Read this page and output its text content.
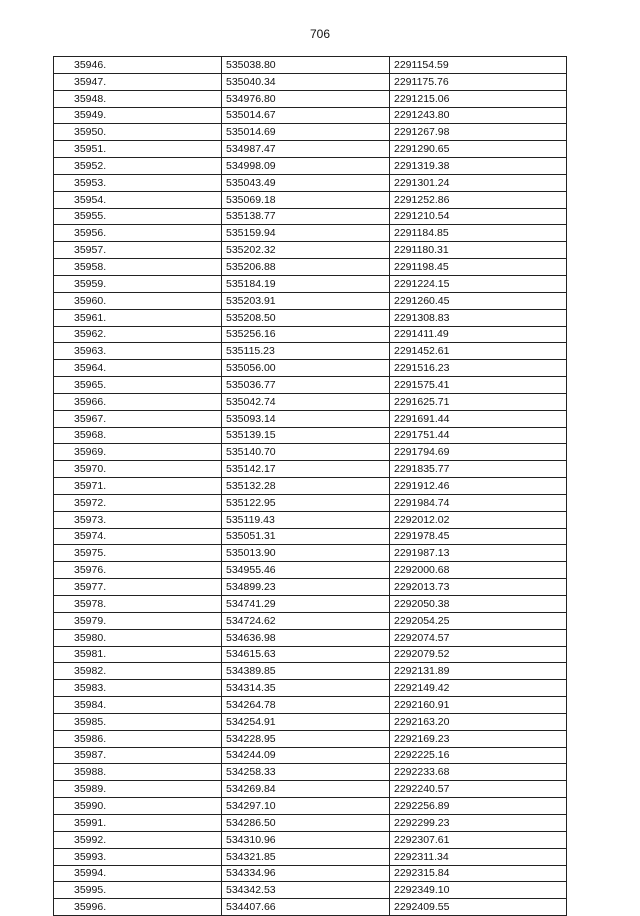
706
35946.	535038.80	2291154.59
35947.	535040.34	2291175.76
35948.	534976.80	2291215.06
35949.	535014.67	2291243.80
35950.	535014.69	2291267.98
35951.	534987.47	2291290.65
35952.	534998.09	2291319.38
35953.	535043.49	2291301.24
35954.	535069.18	2291252.86
35955.	535138.77	2291210.54
35956.	535159.94	2291184.85
35957.	535202.32	2291180.31
35958.	535206.88	2291198.45
35959.	535184.19	2291224.15
35960.	535203.91	2291260.45
35961.	535208.50	2291308.83
35962.	535256.16	2291411.49
35963.	535115.23	2291452.61
35964.	535056.00	2291516.23
35965.	535036.77	2291575.41
35966.	535042.74	2291625.71
35967.	535093.14	2291691.44
35968.	535139.15	2291751.44
35969.	535140.70	2291794.69
35970.	535142.17	2291835.77
35971.	535132.28	2291912.46
35972.	535122.95	2291984.74
35973.	535119.43	2292012.02
35974.	535051.31	2291978.45
35975.	535013.90	2291987.13
35976.	534955.46	2292000.68
35977.	534899.23	2292013.73
35978.	534741.29	2292050.38
35979.	534724.62	2292054.25
35980.	534636.98	2292074.57
35981.	534615.63	2292079.52
35982.	534389.85	2292131.89
35983.	534314.35	2292149.42
35984.	534264.78	2292160.91
35985.	534254.91	2292163.20
35986.	534228.95	2292169.23
35987.	534244.09	2292225.16
35988.	534258.33	2292233.68
35989.	534269.84	2292240.57
35990.	534297.10	2292256.89
35991.	534286.50	2292299.23
35992.	534310.96	2292307.61
35993.	534321.85	2292311.34
35994.	534334.96	2292315.84
35995.	534342.53	2292349.10
35996.	534407.66	2292409.55
